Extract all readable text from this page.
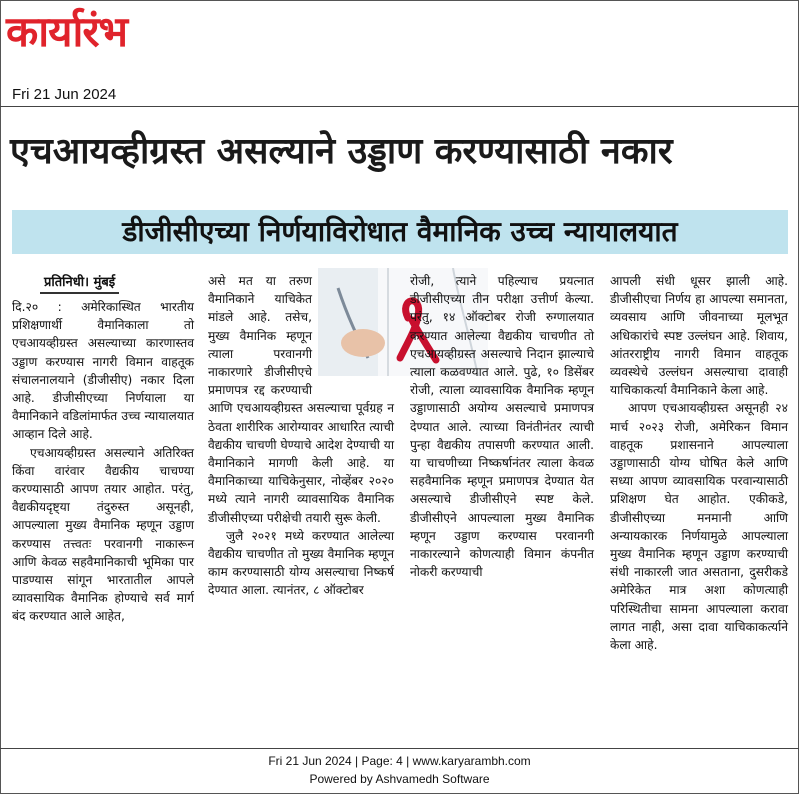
कार्यारंभ
Fri 21 Jun 2024
एचआयव्हीग्रस्त असल्याने उड्डाण करण्यासाठी नकार
डीजीसीएच्या निर्णयाविरोधात वैमानिक उच्च न्यायालयात
प्रतिनिधी। मुंबई

दि.२० : अमेरिकास्थित भारतीय प्रशिक्षणार्थी वैमानिकाला तो एचआयव्हीग्रस्त असल्याच्या कारणास्तव उड्डाण करण्यास नागरी विमान वाहतूक संचालनालयाने (डीजीसीए) नकार दिला आहे. डीजीसीएच्या निर्णयाला या वैमानिकाने वडिलांमार्फत उच्च न्यायालयात आव्हान दिले आहे.

एचआयव्हीग्रस्त असल्याने अतिरिक्त किंवा वारंवार वैद्यकीय चाचण्या करण्यासाठी आपण तयार आहोत. परंतु, वैद्यकीयदृष्ट्या तंदुरुस्त असूनही, आपल्याला मुख्य वैमानिक म्हणून उड्डाण करण्यास तत्त्वतः परवानगी नाकारून आणि केवळ सहवैमानिकाची भूमिका पार पाडण्यास सांगून भारतातील आपले व्यावसायिक वैमानिक होण्याचे सर्व मार्ग बंद करण्यात आले आहेत,

असे मत या तरुण वैमानिकाने याचिकेत मांडले आहे. तसेच, मुख्य वैमानिक म्हणून त्याला परवानगी नाकारणारे डीजीसीएचे प्रमाणपत्र रद्द करण्याची आणि एचआयव्हीग्रस्त असल्याचा पूर्वग्रह न ठेवता शारीरिक आरोग्यावर आधारित त्याची वैद्यकीय चाचणी घेण्याचे आदेश देण्याची या वैमानिकाने मागणी केली आहे. या वैमानिकाच्या याचिकेनुसार, नोव्हेंबर २०२० मध्ये त्याने नागरी व्यावसायिक वैमानिक डीजीसीएच्या परीक्षेची तयारी सुरू केली.

जुलै २०२१ मध्ये करण्यात आलेल्या वैद्यकीय चाचणीत तो मुख्य वैमानिक म्हणून काम करण्यासाठी योग्य असल्याचा निष्कर्ष देण्यात आला. त्यानंतर, ८ ऑक्टोबर

रोजी, त्याने पहिल्याच प्रयत्नात डीजीसीएच्या तीन परीक्षा उत्तीर्ण केल्या. परंतु, १४ ऑक्टोबर रोजी रुग्णालयात करण्यात आलेल्या वैद्यकीय चाचणीत तो एचआयव्हीग्रस्त असल्याचे निदान झाल्याचे त्याला कळवण्यात आले. पुढे, १० डिसेंबर रोजी, त्याला व्यावसायिक वैमानिक म्हणून उड्डाणासाठी अयोग्य असल्याचे प्रमाणपत्र देण्यात आले. त्याच्या विनंतीनंतर त्याची पुन्हा वैद्यकीय तपासणी करण्यात आली. या चाचणीच्या निष्कर्षानंतर त्याला केवळ सहवैमानिक म्हणून प्रमाणपत्र देण्यात येत असल्याचे डीजीसीएने स्पष्ट केले. डीजीसीएने आपल्याला मुख्य वैमानिक म्हणून उड्डाण करण्यास परवानगी नाकारल्याने कोणत्याही विमान कंपनीत नोकरी करण्याची

आपली संधी धूसर झाली आहे. डीजीसीएचा निर्णय हा आपल्या समानता, व्यवसाय आणि जीवनाच्या मूलभूत अधिकारांचे स्पष्ट उल्लंघन आहे. शिवाय, आंतरराष्ट्रीय नागरी विमान वाहतूक व्यवस्थेचे उल्लंघन असल्याचा दावाही याचिकाकर्त्या वैमानिकाने केला आहे.

आपण एचआयव्हीग्रस्त असूनही २४ मार्च २०२३ रोजी, अमेरिकन विमान वाहतूक प्रशासनाने आपल्याला उड्डाणासाठी योग्य घोषित केले आणि सध्या आपण व्यावसायिक परवान्यासाठी प्रशिक्षण घेत आहोत. एकीकडे, डीजीसीएच्या मनमानी आणि अन्यायकारक निर्णयामुळे आपल्याला मुख्य वैमानिक म्हणून उड्डाण करण्याची संधी नाकारली जात असताना, दुसरीकडे अमेरिकेत मात्र अशा कोणत्याही परिस्थितीचा सामना आपल्याला करावा लागत नाही, असा दावा याचिकाकर्त्याने केला आहे.

Fri 21 Jun 2024 | Page: 4 | www.karyarambh.com
Powered by Ashvamedh Software
